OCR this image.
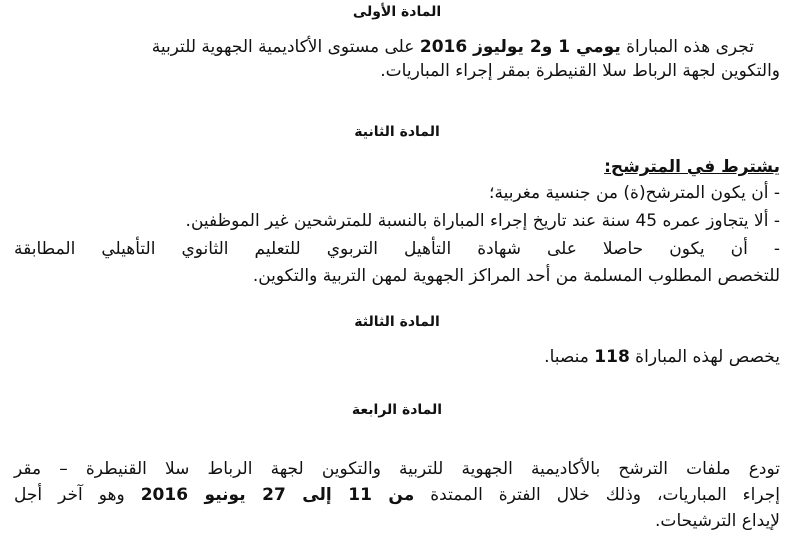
المادة الأولى
تجرى هذه المباراة يومي 1 و2 يوليوز 2016 على مستوى الأكاديمية الجهوية للتربية
والتكوين لجهة الرباط سلا القنيطرة بمقر إجراء المباريات.
المادة الثانية
يشترط في المترشح:
- أن يكون المترشح(ة) من جنسية مغربية؛
- ألا يتجاوز عمره 45 سنة عند تاريخ إجراء المباراة بالنسبة للمترشحين غير الموظفين.
- أن يكون حاصلا على شهادة التأهيل التربوي للتعليم الثانوي التأهيلي المطابقة
للتخصص المطلوب المسلمة من أحد المراكز الجهوية لمهن التربية والتكوين.
المادة الثالثة
يخصص لهذه المباراة 118 منصبا.
المادة الرابعة
تودع ملفات الترشح بالأكاديمية الجهوية للتربية والتكوين لجهة الرباط سلا القنيطرة – مقر
إجراء المباريات، وذلك خلال الفترة الممتدة من 11 إلى 27 يونيو 2016 وهو آخر أجل
لإيداع الترشيحات.
